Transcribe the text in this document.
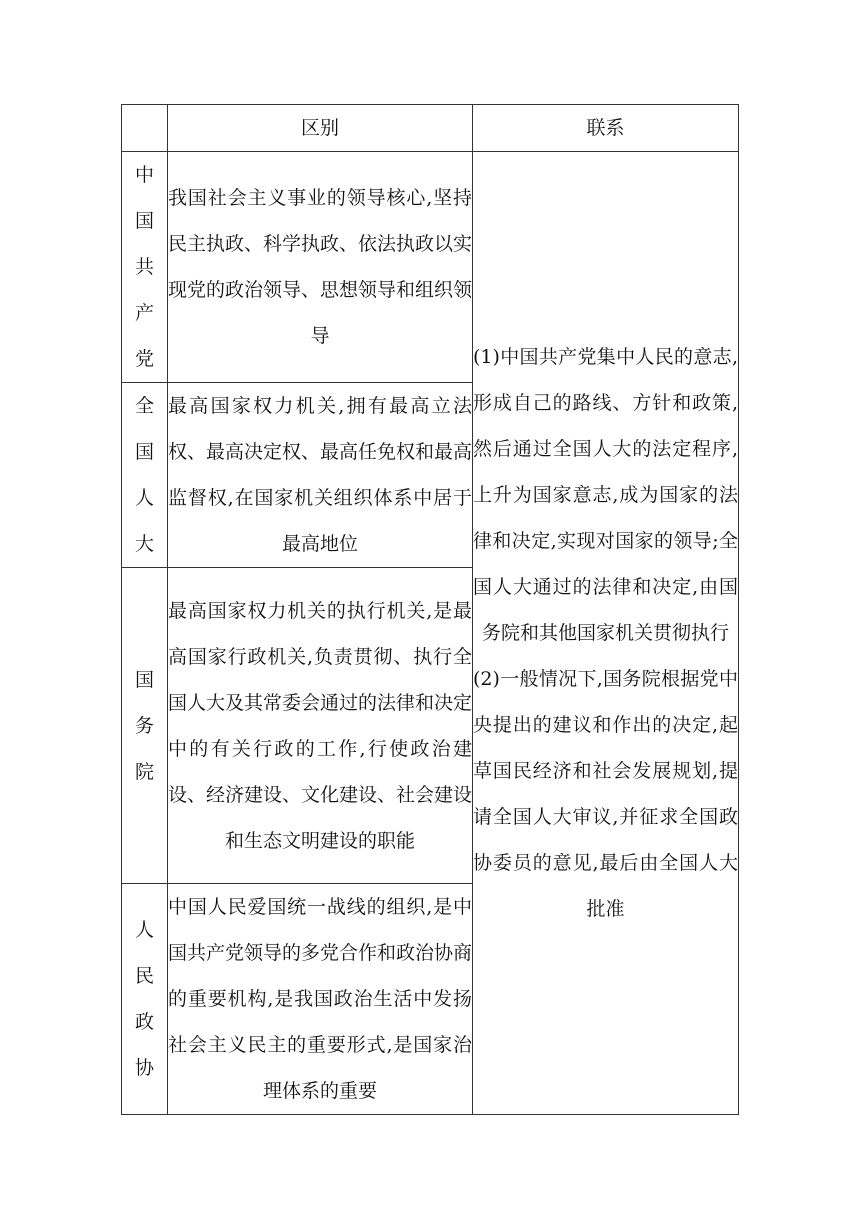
	区别	联系

中国共产党	我国社会主义事业的领导核心,坚持民主执政、科学执政、依法执政以实现党的政治领导、思想领导和组织领导	(1)中国共产党集中人民的意志,形成自己的路线、方针和政策,然后通过全国人大的法定程序,上升为国家意志,成为国家的法律和决定,实现对国家的领导;全国人大通过的法律和决定,由国务院和其他国家机关贯彻执行
(2)一般情况下,国务院根据党中央提出的建议和作出的决定,起草国民经济和社会发展规划,提请全国人大审议,并征求全国政协委员的意见,最后由全国人大批准

全国人大	最高国家权力机关,拥有最高立法权、最高决定权、最高任免权和最高监督权,在国家机关组织体系中居于最高地位	

国务院	最高国家权力机关的执行机关,是最高国家行政机关,负责贯彻、执行全国人大及其常委会通过的法律和决定中的有关行政的工作,行使政治建设、经济建设、文化建设、社会建设和生态文明建设的职能	

人民政协	中国人民爱国统一战线的组织,是中国共产党领导的多党合作和政治协商的重要机构,是我国政治生活中发扬社会主义民主的重要形式,是国家治理体系的重要	
